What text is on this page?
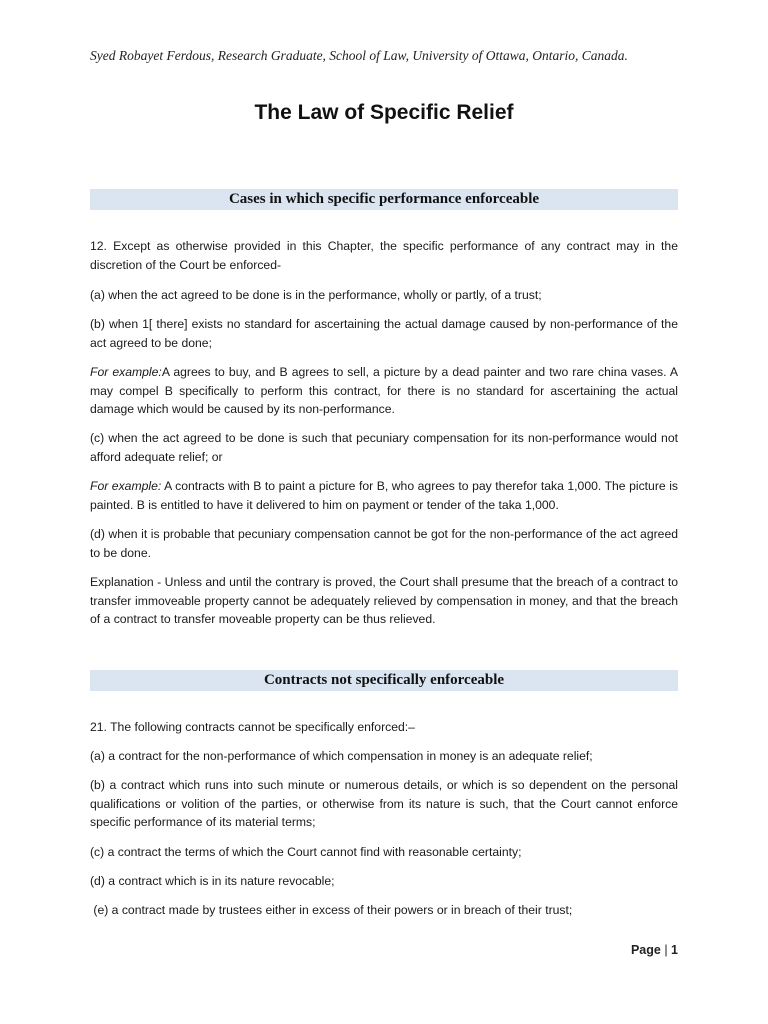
Syed Robayet Ferdous, Research Graduate, School of Law, University of Ottawa, Ontario, Canada.
The Law of Specific Relief
Cases in which specific performance enforceable
12. Except as otherwise provided in this Chapter, the specific performance of any contract may in the discretion of the Court be enforced-
(a) when the act agreed to be done is in the performance, wholly or partly, of a trust;
(b) when 1[ there] exists no standard for ascertaining the actual damage caused by non-performance of the act agreed to be done;
For example:A agrees to buy, and B agrees to sell, a picture by a dead painter and two rare china vases. A may compel B specifically to perform this contract, for there is no standard for ascertaining the actual damage which would be caused by its non-performance.
(c) when the act agreed to be done is such that pecuniary compensation for its non-performance would not afford adequate relief; or
For example: A contracts with B to paint a picture for B, who agrees to pay therefor taka 1,000. The picture is painted. B is entitled to have it delivered to him on payment or tender of the taka 1,000.
(d) when it is probable that pecuniary compensation cannot be got for the non-performance of the act agreed to be done.
Explanation - Unless and until the contrary is proved, the Court shall presume that the breach of a contract to transfer immoveable property cannot be adequately relieved by compensation in money, and that the breach of a contract to transfer moveable property can be thus relieved.
Contracts not specifically enforceable
21. The following contracts cannot be specifically enforced:–
(a) a contract for the non-performance of which compensation in money is an adequate relief;
(b) a contract which runs into such minute or numerous details, or which is so dependent on the personal qualifications or volition of the parties, or otherwise from its nature is such, that the Court cannot enforce specific performance of its material terms;
(c) a contract the terms of which the Court cannot find with reasonable certainty;
(d) a contract which is in its nature revocable;
(e) a contract made by trustees either in excess of their powers or in breach of their trust;
Page | 1
